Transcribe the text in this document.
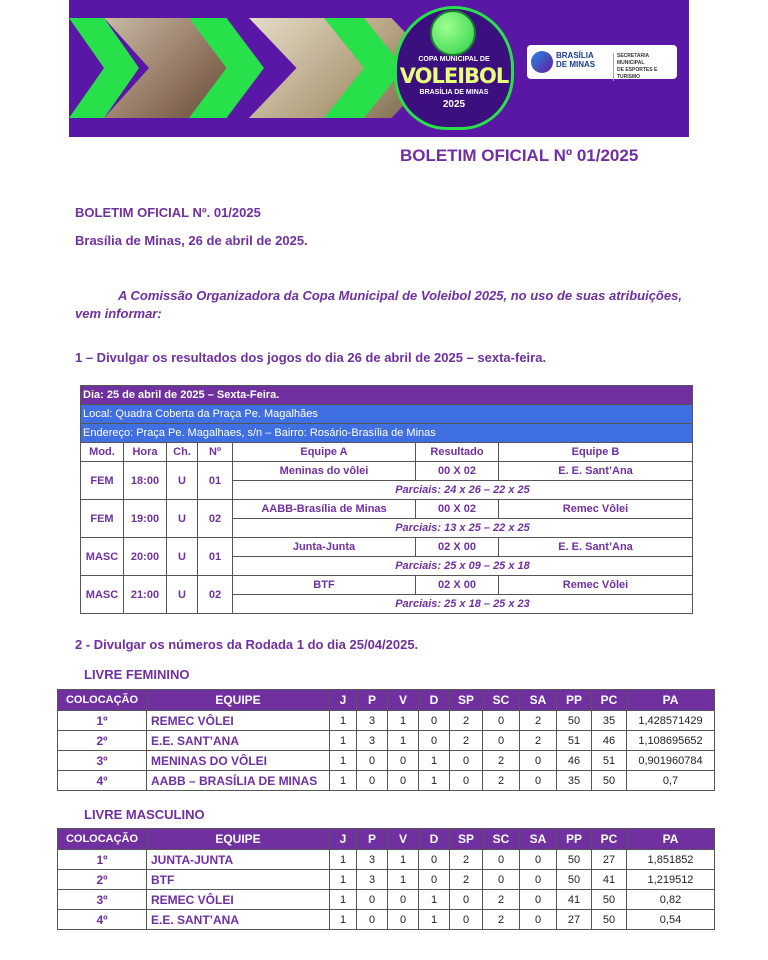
COPA MUNICIPAL DE
VOLEIBOL
BRASÍLIA DE MINAS
2025
BRASÍLIA
DE MINAS
SECRETARIA MUNICIPAL
DE ESPORTES E TURISMO
BOLETIM OFICIAL Nº 01/2025
BOLETIM OFICIAL Nº. 01/2025
Brasília de Minas, 26 de abril de 2025.
A Comissão Organizadora da Copa Municipal de Voleibol 2025, no uso de suas atribuições, vem informar:
1 – Divulgar os resultados dos jogos do dia 26 de abril de 2025 – sexta-feira.
Dia: 25 de abril de 2025 – Sexta-Feira.						
Local: Quadra Coberta da Praça Pe. Magalhães						
Endereço: Praça Pe. Magalhaes, s/n – Bairro: Rosário-Brasília de Minas						
Mod.	Hora	Ch.	Nº	Equipe A	Resultado	Equipe B
FEM	18:00	U	01	Meninas do vôlei	00 X 02	E. E. Sant’Ana
				Parciais: 24 x 26 – 22 x 25		
FEM	19:00	U	02	AABB-Brasília de Minas	00 X 02	Remec Vôlei
				Parciais: 13 x 25 – 22 x 25		
MASC	20:00	U	01	Junta-Junta	02 X 00	E. E. Sant’Ana
				Parciais: 25 x 09 – 25 x 18		
MASC	21:00	U	02	BTF	02 X 00	Remec Vôlei
				Parciais: 25 x 18 – 25 x 23		
2 - Divulgar os números da Rodada 1 do dia 25/04/2025.
LIVRE FEMININO
COLOCAÇÃO	EQUIPE	J	P	V	D	SP	SC	SA	PP	PC	PA
1º	REMEC VÔLEI	1	3	1	0	2	0	2	50	35	1,428571429
2º	E.E. SANT’ANA	1	3	1	0	2	0	2	51	46	1,108695652
3º	MENINAS DO VÔLEI	1	0	0	1	0	2	0	46	51	0,901960784
4º	AABB – BRASÍLIA DE MINAS	1	0	0	1	0	2	0	35	50	0,7
LIVRE MASCULINO
COLOCAÇÃO	EQUIPE	J	P	V	D	SP	SC	SA	PP	PC	PA
1º	JUNTA-JUNTA	1	3	1	0	2	0	0	50	27	1,851852
2º	BTF	1	3	1	0	2	0	0	50	41	1,219512
3º	REMEC VÔLEI	1	0	0	1	0	2	0	41	50	0,82
4º	E.E. SANT’ANA	1	0	0	1	0	2	0	27	50	0,54
